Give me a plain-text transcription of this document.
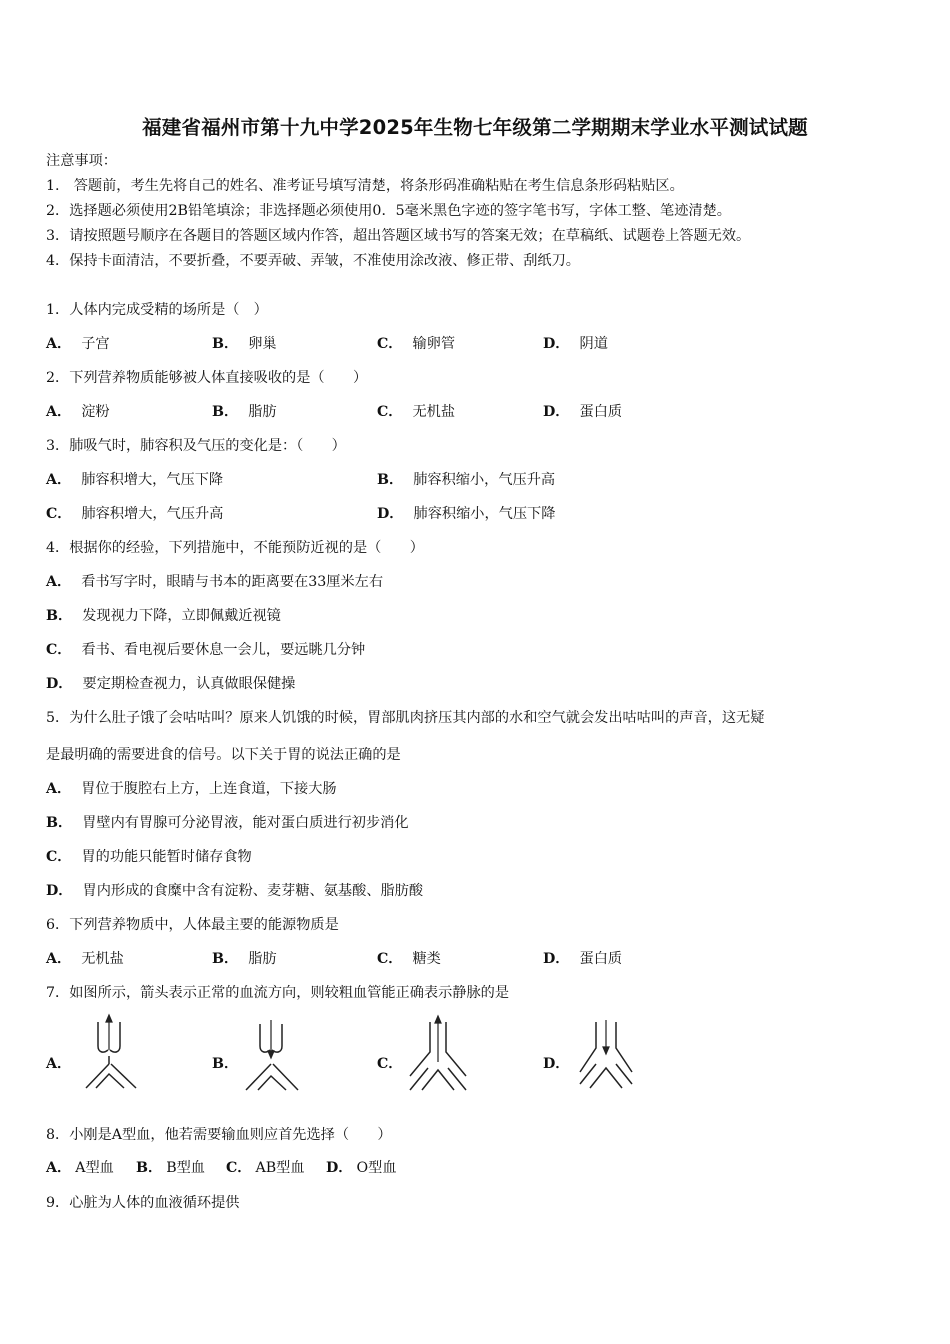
福建省福州市第十九中学2025年生物七年级第二学期期末学业水平测试试题
注意事项：
1.　答题前，考生先将自己的姓名、准考证号填写清楚，将条形码准确粘贴在考生信息条形码粘贴区。
2．选择题必须使用2B铅笔填涂；非选择题必须使用0．5毫米黑色字迹的签字笔书写，字体工整、笔迹清楚。
3．请按照题号顺序在各题目的答题区域内作答，超出答题区域书写的答案无效；在草稿纸、试题卷上答题无效。
4．保持卡面清洁，不要折叠，不要弄破、弄皱，不准使用涂改液、修正带、刮纸刀。
1．人体内完成受精的场所是（　）
A． 子宫	B． 卵巢	C． 输卵管	D． 阴道
2．下列营养物质能够被人体直接吸收的是（　　）
A． 淀粉	B． 脂肪	C． 无机盐	D． 蛋白质
3．肺吸气时，肺容积及气压的变化是：（　　）
A． 肺容积增大，气压下降	B． 肺容积缩小，气压升高
C． 肺容积增大，气压升高	D． 肺容积缩小，气压下降
4．根据你的经验，下列措施中，不能预防近视的是（　　）
A． 看书写字时，眼睛与书本的距离要在33厘米左右
B． 发现视力下降，立即佩戴近视镜
C． 看书、看电视后要休息一会儿，要远眺几分钟
D． 要定期检查视力，认真做眼保健操
5．为什么肚子饿了会咕咕叫？原来人饥饿的时候，胃部肌肉挤压其内部的水和空气就会发出咕咕叫的声音，这无疑
是最明确的需要进食的信号。以下关于胃的说法正确的是
A． 胃位于腹腔右上方，上连食道，下接大肠
B． 胃壁内有胃腺可分泌胃液，能对蛋白质进行初步消化
C． 胃的功能只能暂时储存食物
D． 胃内形成的食糜中含有淀粉、麦芽糖、氨基酸、脂肪酸
6．下列营养物质中，人体最主要的能源物质是
A． 无机盐	B． 脂肪	C． 糖类	D． 蛋白质
7．如图所示，箭头表示正常的血流方向，则较粗血管能正确表示静脉的是
A．	B．	C．	D．
8．小刚是A型血，他若需要输血则应首先选择（　　）
A． A型血 B． B型血 C． AB型血 D． O型血
9．心脏为人体的血液循环提供
